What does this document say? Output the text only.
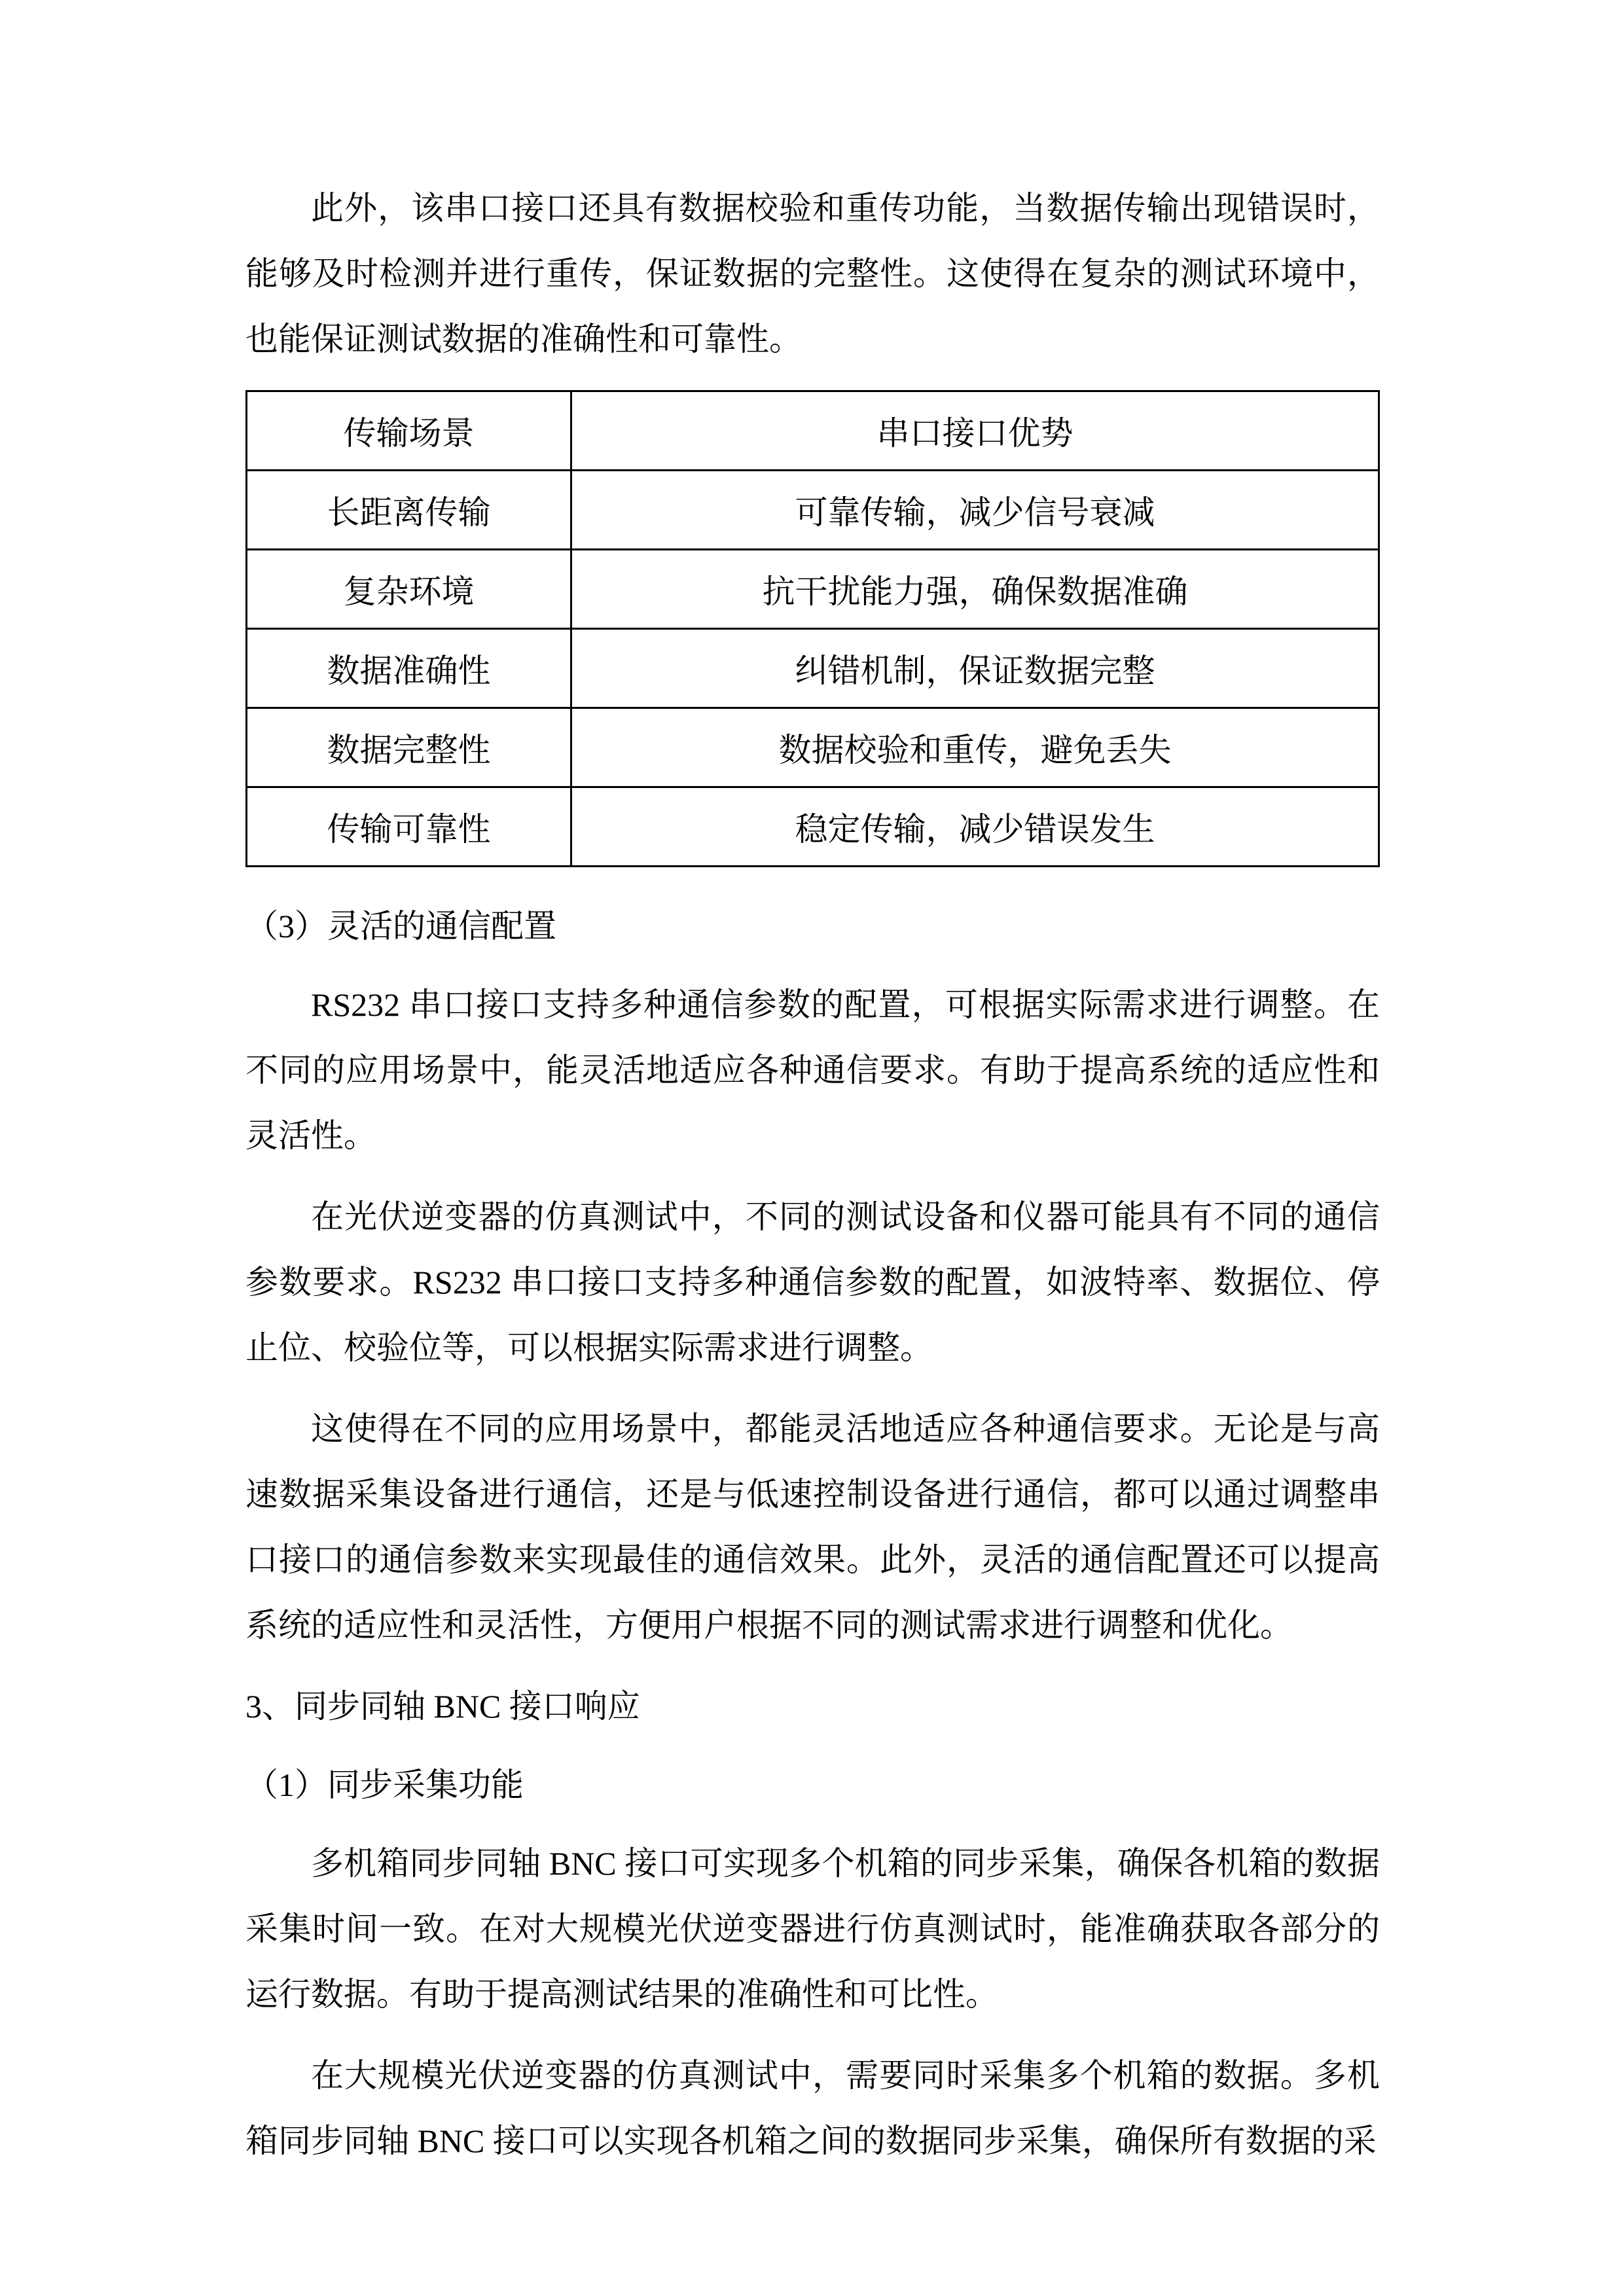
此外，该串口接口还具有数据校验和重传功能，当数据传输出现错误时，能够及时检测并进行重传，保证数据的完整性。这使得在复杂的测试环境中，也能保证测试数据的准确性和可靠性。

传输场景	串口接口优势
长距离传输	可靠传输，减少信号衰减
复杂环境	抗干扰能力强，确保数据准确
数据准确性	纠错机制，保证数据完整
数据完整性	数据校验和重传，避免丢失
传输可靠性	稳定传输，减少错误发生

（3）灵活的通信配置

RS232 串口接口支持多种通信参数的配置，可根据实际需求进行调整。在不同的应用场景中，能灵活地适应各种通信要求。有助于提高系统的适应性和灵活性。

在光伏逆变器的仿真测试中，不同的测试设备和仪器可能具有不同的通信参数要求。RS232 串口接口支持多种通信参数的配置，如波特率、数据位、停止位、校验位等，可以根据实际需求进行调整。

这使得在不同的应用场景中，都能灵活地适应各种通信要求。无论是与高速数据采集设备进行通信，还是与低速控制设备进行通信，都可以通过调整串口接口的通信参数来实现最佳的通信效果。此外，灵活的通信配置还可以提高系统的适应性和灵活性，方便用户根据不同的测试需求进行调整和优化。

3、同步同轴 BNC 接口响应

（1）同步采集功能

多机箱同步同轴 BNC 接口可实现多个机箱的同步采集，确保各机箱的数据采集时间一致。在对大规模光伏逆变器进行仿真测试时，能准确获取各部分的运行数据。有助于提高测试结果的准确性和可比性。

在大规模光伏逆变器的仿真测试中，需要同时采集多个机箱的数据。多机箱同步同轴 BNC 接口可以实现各机箱之间的数据同步采集，确保所有数据的采
